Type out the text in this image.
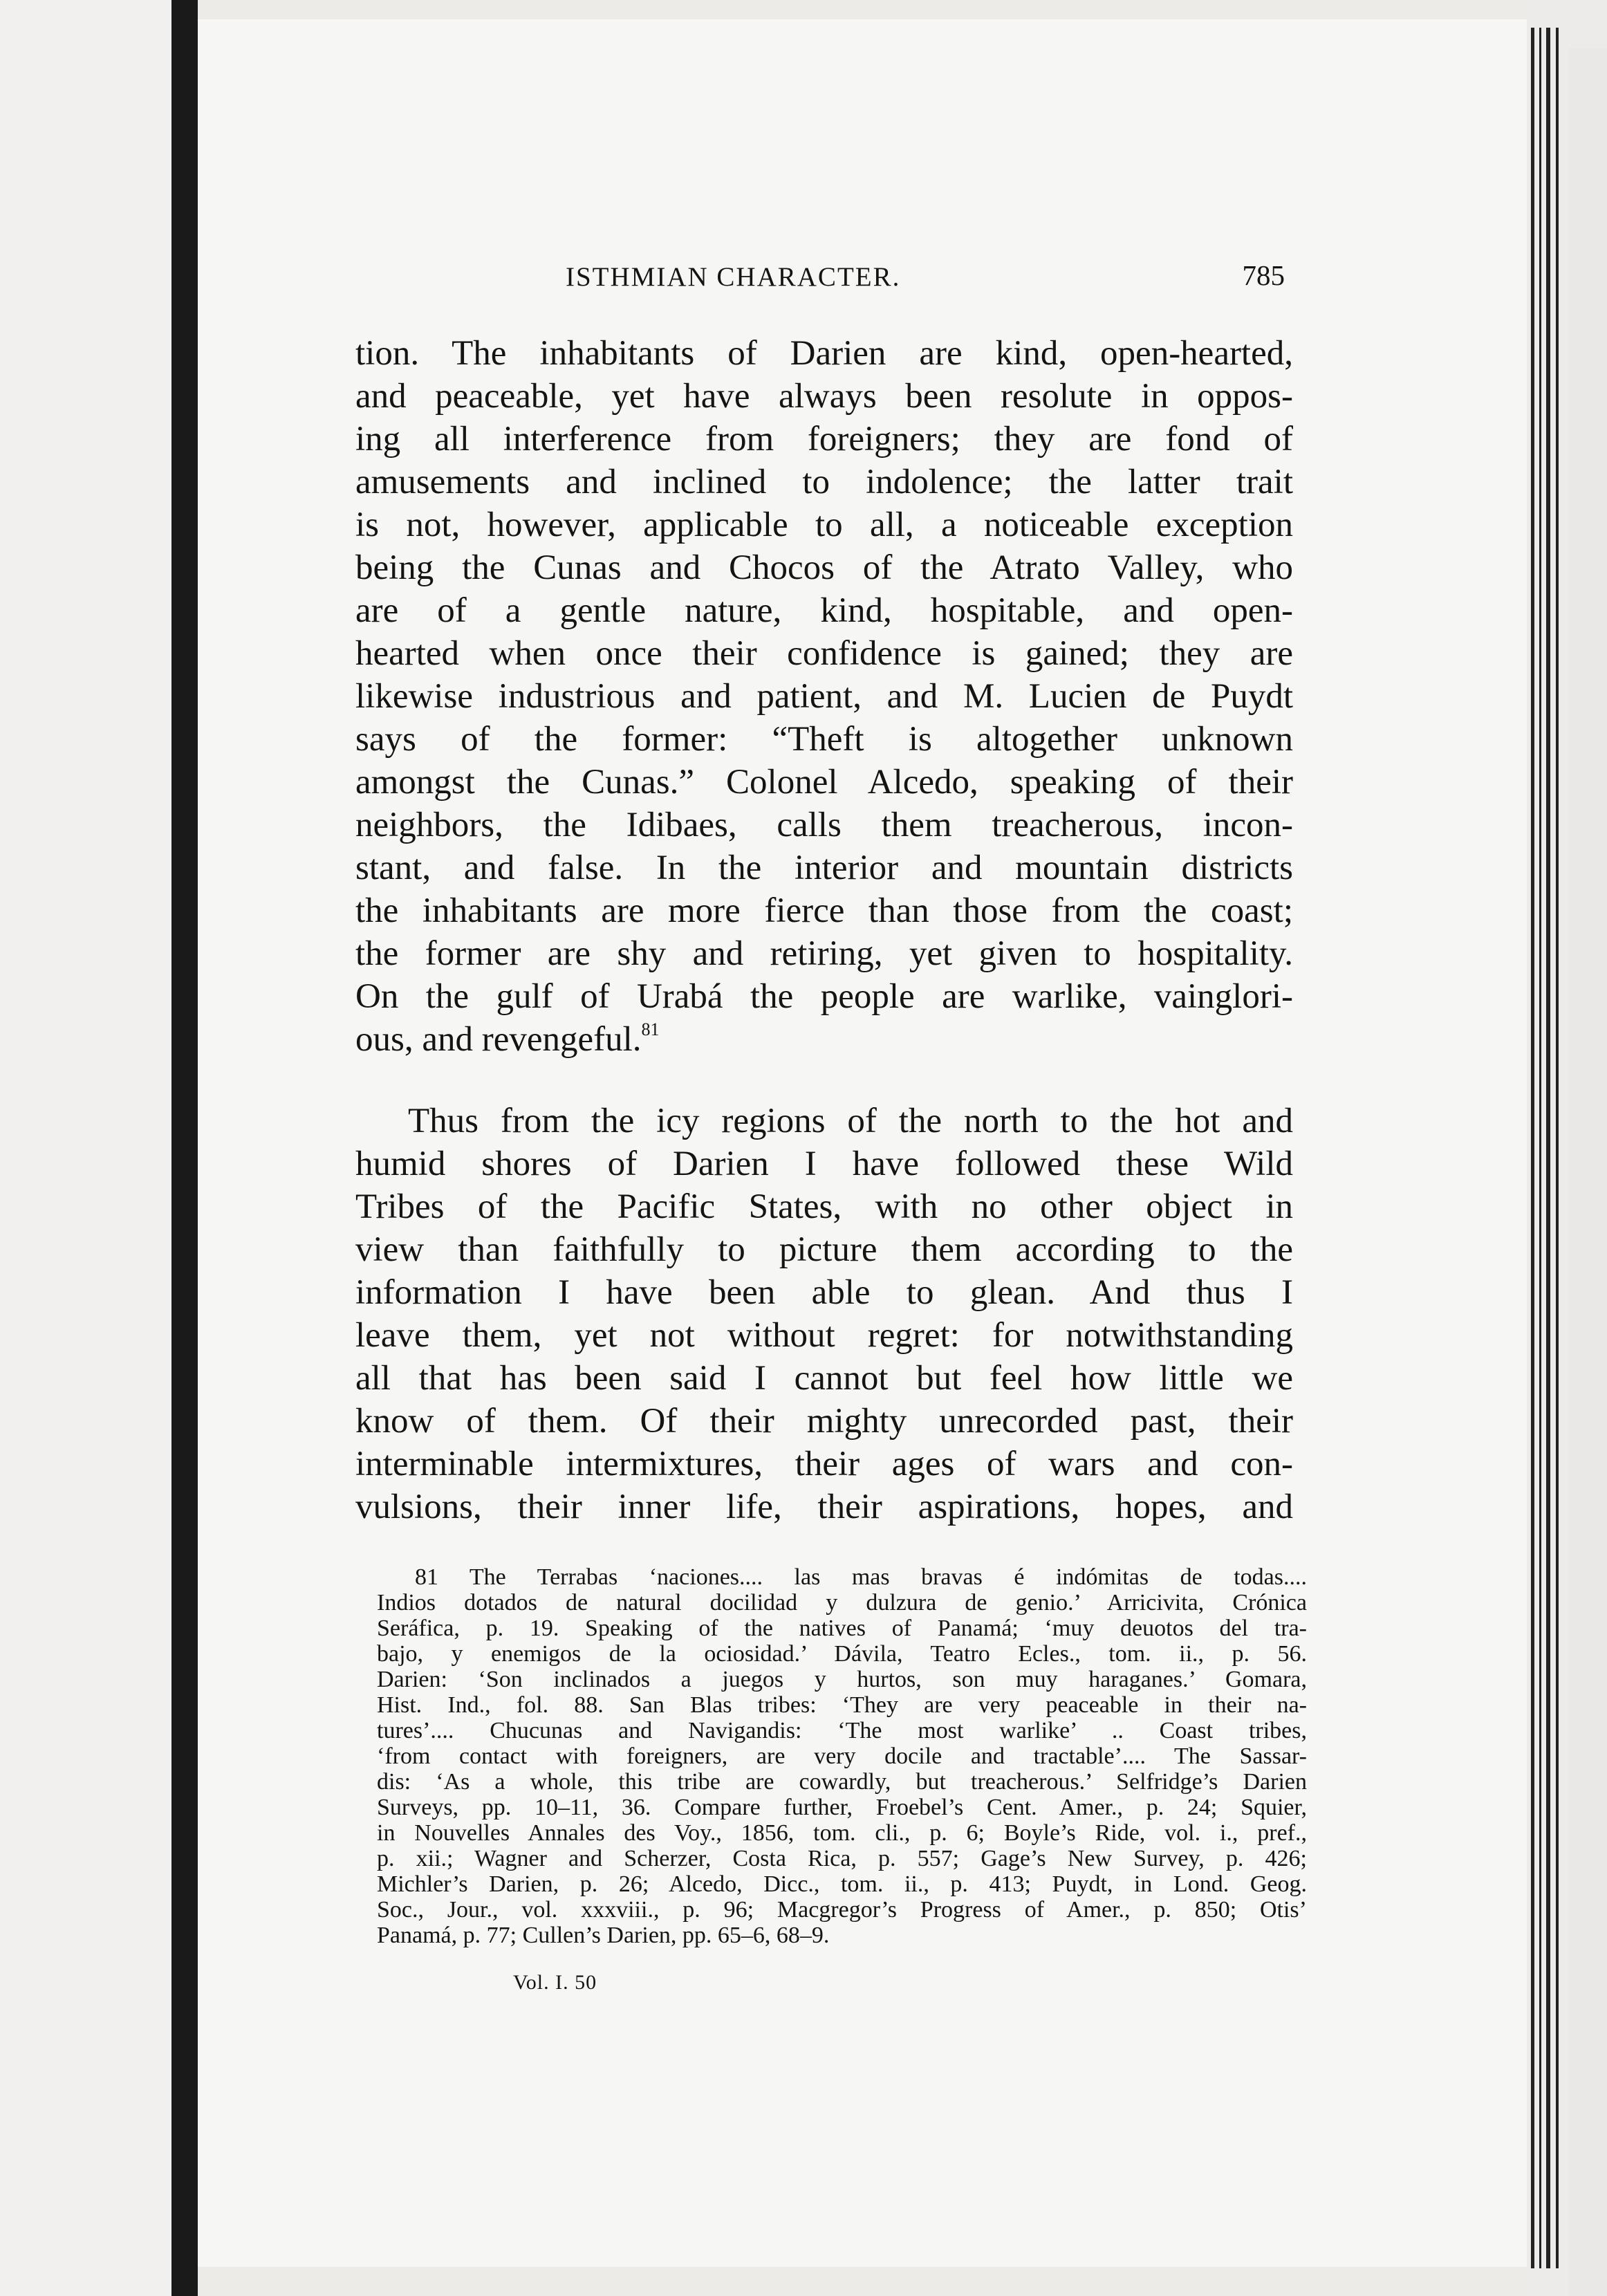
ISTHMIAN CHARACTER.	785
tion. The inhabitants of Darien are kind, open-hearted,
and peaceable, yet have always been resolute in oppos-
ing all interference from foreigners; they are fond of
amusements and inclined to indolence; the latter trait
is not, however, applicable to all, a noticeable exception
being the Cunas and Chocos of the Atrato Valley, who
are of a gentle nature, kind, hospitable, and open-
hearted when once their confidence is gained; they are
likewise industrious and patient, and M. Lucien de Puydt
says of the former: “Theft is altogether unknown
amongst the Cunas.” Colonel Alcedo, speaking of their
neighbors, the Idibaes, calls them treacherous, incon-
stant, and false. In the interior and mountain districts
the inhabitants are more fierce than those from the coast;
the former are shy and retiring, yet given to hospitality.
On the gulf of Urabá the people are warlike, vainglori-
ous, and revengeful.$^{81}$
Thus from the icy regions of the north to the hot and
humid shores of Darien I have followed these Wild
Tribes of the Pacific States, with no other object in
view than faithfully to picture them according to the
information I have been able to glean. And thus I
leave them, yet not without regret: for notwithstanding
all that has been said I cannot but feel how little we
know of them. Of their mighty unrecorded past, their
interminable intermixtures, their ages of wars and con-
vulsions, their inner life, their aspirations, hopes, and
81 The Terrabas ‘naciones.... las mas bravas é indómitas de todas....
Indios dotados de natural docilidad y dulzura de genio.’ Arricivita, Crónica
Seráfica, p. 19. Speaking of the natives of Panamá; ‘muy deuotos del tra-
bajo, y enemigos de la ociosidad.’ Dávila, Teatro Ecles., tom. ii., p. 56.
Darien: ‘Son inclinados a juegos y hurtos, son muy haraganes.’ Gomara,
Hist. Ind., fol. 88. San Blas tribes: ‘They are very peaceable in their na-
tures’.... Chucunas and Navigandis: ‘The most warlike’ .. Coast tribes,
‘from contact with foreigners, are very docile and tractable’.... The Sassar-
dis: ‘As a whole, this tribe are cowardly, but treacherous.’ Selfridge’s Darien
Surveys, pp. 10–11, 36. Compare further, Froebel’s Cent. Amer., p. 24; Squier,
in Nouvelles Annales des Voy., 1856, tom. cli., p. 6; Boyle’s Ride, vol. i., pref.,
p. xii.; Wagner and Scherzer, Costa Rica, p. 557; Gage’s New Survey, p. 426;
Michler’s Darien, p. 26; Alcedo, Dicc., tom. ii., p. 413; Puydt, in Lond. Geog.
Soc., Jour., vol. xxxviii., p. 96; Macgregor’s Progress of Amer., p. 850; Otis’
Panamá, p. 77; Cullen’s Darien, pp. 65–6, 68–9.
Vol. I. 50
